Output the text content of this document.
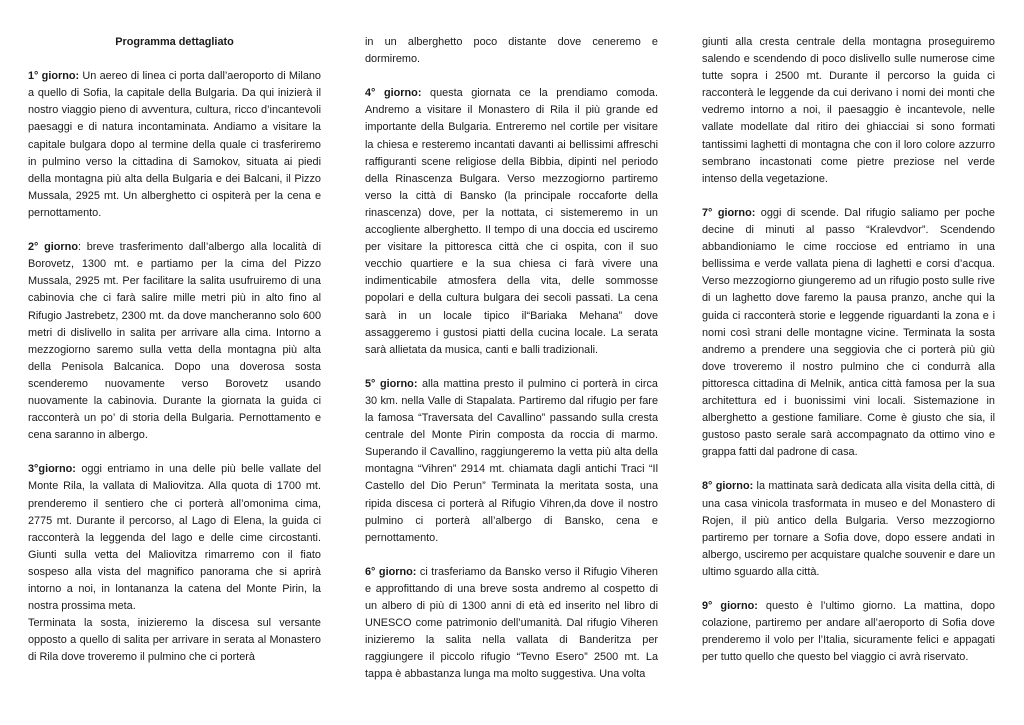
Programma dettagliato

1° giorno: Un aereo di linea ci porta dall’aeroporto di Milano a quello di Sofia, la capitale della Bulgaria. Da qui inizierà il nostro viaggio pieno di avventura, cultura, ricco d’incantevoli paesaggi e di natura incontaminata. Andiamo a visitare la capitale bulgara dopo al termine della quale ci trasferiremo in pulmino verso la cittadina di Samokov, situata ai piedi della montagna più alta della Bulgaria e dei Balcani, il Pizzo Mussala, 2925 mt. Un alberghetto ci ospiterà per la cena e pernottamento.

2° giorno: breve trasferimento dall’albergo alla località di Borovetz, 1300 mt. e partiamo per la cima del Pizzo Mussala, 2925 mt. Per facilitare la salita usufruiremo di una cabinovia che ci farà salire mille metri più in alto fino al Rifugio Jastrebetz, 2300 mt. da dove mancheranno solo 600 metri di dislivello in salita per arrivare alla cima. Intorno a mezzogiorno saremo sulla vetta della montagna più alta della Penisola Balcanica. Dopo una doverosa sosta scenderemo nuovamente verso Borovetz usando nuovamente la cabinovia. Durante la giornata la guida ci racconterà un po’ di storia della Bulgaria. Pernottamento e cena saranno in albergo.

3°giorno: oggi entriamo in una delle più belle vallate del Monte Rila, la vallata di Maliovitza. Alla quota di 1700 mt. prenderemo il sentiero che ci porterà all’omonima cima, 2775 mt. Durante il percorso, al Lago di Elena, la guida ci racconterà la leggenda del lago e delle cime circostanti. Giunti sulla vetta del Maliovitza rimarremo con il fiato sospeso alla vista del magnifico panorama che si aprirà intorno a noi, in lontananza la catena del Monte Pirin, la nostra prossima meta.

Terminata la sosta, inizieremo la discesa sul versante opposto a quello di salita per arrivare in serata al Monastero di Rila dove troveremo il pulmino che ci porterà

in un alberghetto poco distante dove ceneremo e dormiremo.

4° giorno: questa giornata ce la prendiamo comoda. Andremo a visitare il Monastero di Rila il più grande ed importante della Bulgaria. Entreremo nel cortile per visitare la chiesa e resteremo incantati davanti ai bellissimi affreschi raffiguranti scene religiose della Bibbia, dipinti nel periodo della Rinascenza Bulgara. Verso mezzogiorno partiremo verso la città di Bansko (la principale roccaforte della rinascenza) dove, per la nottata, ci sistemeremo in un accogliente alberghetto. Il tempo di una doccia ed usciremo per visitare la pittoresca città che ci ospita, con il suo vecchio quartiere e la sua chiesa ci farà vivere una indimenticabile atmosfera della vita, delle sommosse popolari e della cultura bulgara dei secoli passati. La cena sarà in un locale tipico il“Bariaka Mehana” dove assaggeremo i gustosi piatti della cucina locale. La serata sarà allietata da musica, canti e balli tradizionali.

5° giorno: alla mattina presto il pulmino ci porterà in circa 30 km. nella Valle di Stapalata. Partiremo dal rifugio per fare la famosa “Traversata del Cavallino” passando sulla cresta centrale del Monte Pirin composta da roccia di marmo. Superando il Cavallino, raggiungeremo la vetta più alta della montagna “Vihren” 2914 mt. chiamata dagli antichi Traci “Il Castello del Dio Perun” Terminata la meritata sosta, una ripida discesa ci porterà al Rifugio Vihren,da dove il nostro pulmino ci porterà all’albergo di Bansko, cena e pernottamento.

6° giorno: ci trasferiamo da Bansko verso il Rifugio Viheren e approfittando di una breve sosta andremo al cospetto di un albero di più di 1300 anni di età ed inserito nel libro di UNESCO come patrimonio dell’umanità. Dal rifugio Viheren inizieremo la salita nella vallata di Banderitza per raggiungere il piccolo rifugio “Tevno Esero” 2500 mt. La tappa è abbastanza lunga ma molto suggestiva. Una volta

giunti alla cresta centrale della montagna proseguiremo salendo e scendendo di poco dislivello sulle numerose cime tutte sopra i 2500 mt. Durante il percorso la guida ci racconterà le leggende da cui derivano i nomi dei monti che vedremo intorno a noi, il paesaggio è incantevole, nelle vallate modellate dal ritiro dei ghiacciai si sono formati tantissimi laghetti di montagna che con il loro colore azzurro sembrano incastonati come pietre preziose nel verde intenso della vegetazione.

7° giorno: oggi di scende. Dal rifugio saliamo per poche decine di minuti al passo “Kralevdvor”. Scendendo abbandioniamo le cime rocciose ed entriamo in una bellissima e verde vallata piena di laghetti e corsi d’acqua. Verso mezzogiorno giungeremo ad un rifugio posto sulle rive di un laghetto dove faremo la pausa pranzo, anche qui la guida ci racconterà storie e leggende riguardanti la zona e i nomi così strani delle montagne vicine. Terminata la sosta andremo a prendere una seggiovia che ci porterà più giù dove troveremo il nostro pulmino che ci condurrà alla pittoresca cittadina di Melnik, antica città famosa per la sua architettura ed i buonissimi vini locali. Sistemazione in alberghetto a gestione familiare. Come è giusto che sia, il gustoso pasto serale sarà accompagnato da ottimo vino e grappa fatti dal padrone di casa.

8° giorno: la mattinata sarà dedicata alla visita della città, di una casa vinicola trasformata in museo e del Monastero di Rojen, il più antico della Bulgaria. Verso mezzogiorno partiremo per tornare a Sofia dove, dopo essere andati in albergo, usciremo per acquistare qualche souvenir e dare un ultimo sguardo alla città.

9° giorno: questo è l’ultimo giorno. La mattina, dopo colazione, partiremo per andare all’aeroporto di Sofia dove prenderemo il volo per l’Italia, sicuramente felici e appagati per tutto quello che questo bel viaggio ci avrà riservato.
